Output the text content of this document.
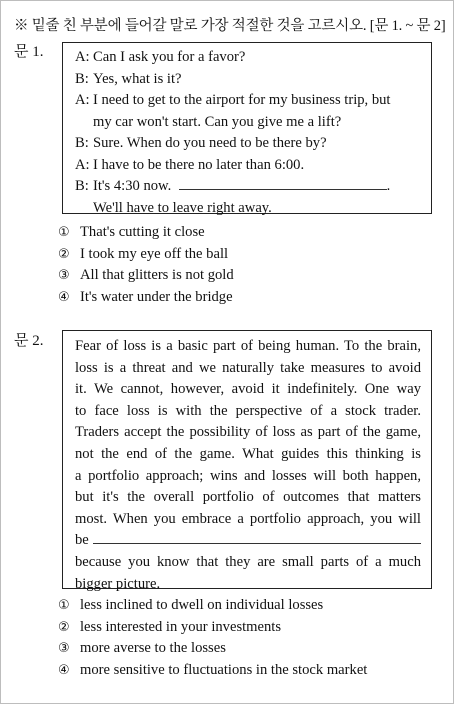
※ 밑줄 친 부분에 들어갈 말로 가장 적절한 것을 고르시오. [문 1. ~ 문 2]
문 1. A: Can I ask you for a favor?
B: Yes, what is it?
A: I need to get to the airport for my business trip, but
my car won't start. Can you give me a lift?
B: Sure. When do you need to be there by?
A: I have to be there no later than 6:00.
B: It's 4:30 now.	.
We'll have to leave right away.
① That's cutting it close
② I took my eye off the ball
③ All that glitters is not gold
④ It's water under the bridge
문 2. Fear of loss is a basic part of being human. To the brain,
loss is a threat and we naturally take measures to avoid
it. We cannot, however, avoid it indefinitely. One way
to face loss is with the perspective of a stock trader.
Traders accept the possibility of loss as part of the game,
not the end of the game. What guides this thinking is
a portfolio approach; wins and losses will both happen,
but it's the overall portfolio of outcomes that matters
most. When you embrace a portfolio approach, you will
be
because you know that they are small parts of a much
bigger picture.
① less inclined to dwell on individual losses
② less interested in your investments
③ more averse to the losses
④ more sensitive to fluctuations in the stock market
